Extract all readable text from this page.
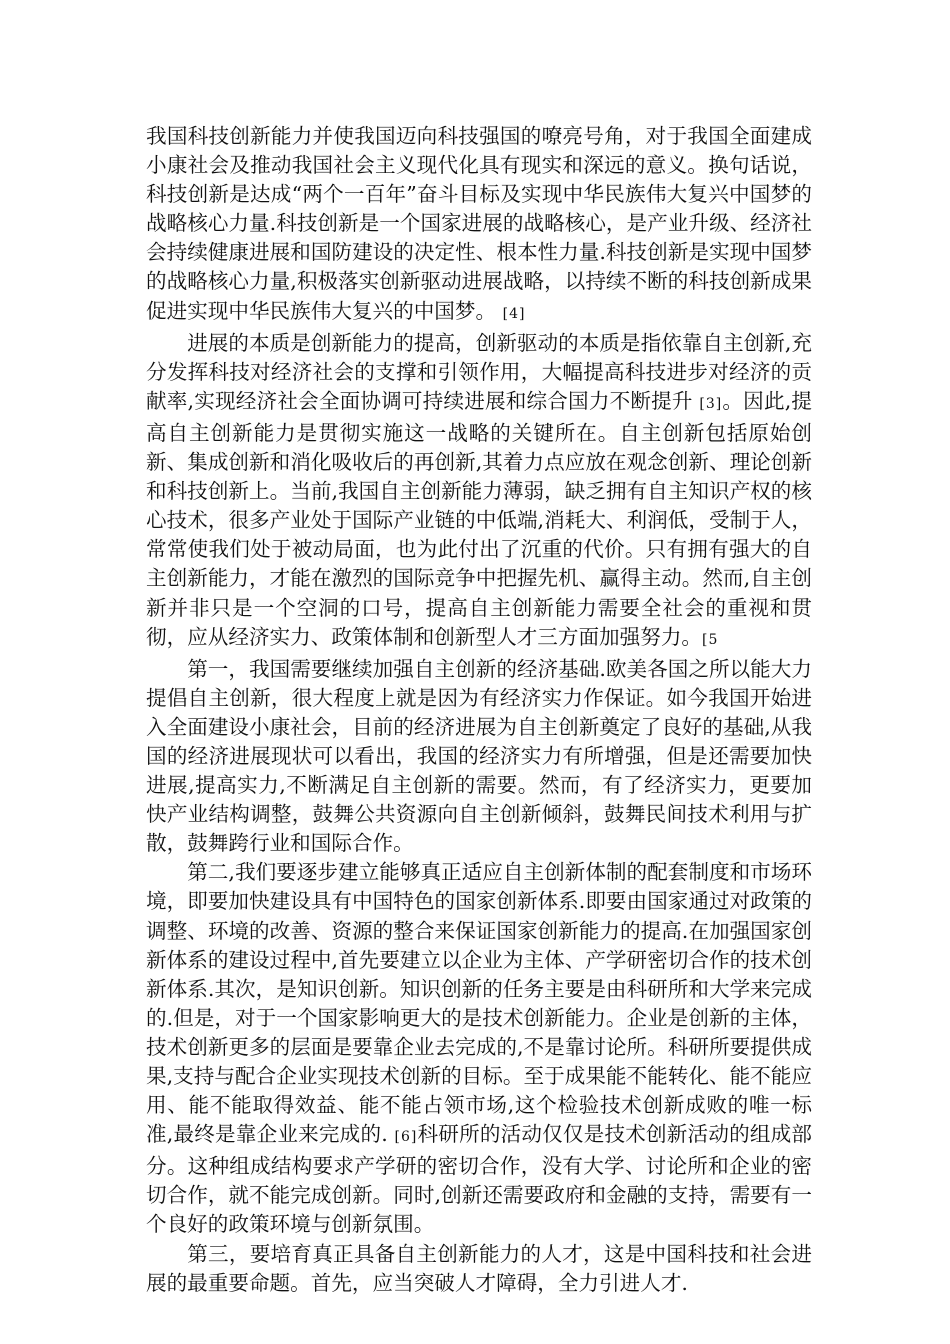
我国科技创新能力并使我国迈向科技强国的嘹亮号角，对于我国全面建成小康社会及推动我国社会主义现代化具有现实和深远的意义。换句话说，科技创新是达成“两个一百年”奋斗目标及实现中华民族伟大复兴中国梦的战略核心力量.科技创新是一个国家进展的战略核心，是产业升级、经济社会持续健康进展和国防建设的决定性、根本性力量.科技创新是实现中国梦的战略核心力量,积极落实创新驱动进展战略，以持续不断的科技创新成果促进实现中华民族伟大复兴的中国梦。 [4]

进展的本质是创新能力的提高，创新驱动的本质是指依靠自主创新,充分发挥科技对经济社会的支撑和引领作用，大幅提高科技进步对经济的贡献率,实现经济社会全面协调可持续进展和综合国力不断提升 [3]。因此,提高自主创新能力是贯彻实施这一战略的关键所在。自主创新包括原始创新、集成创新和消化吸收后的再创新,其着力点应放在观念创新、理论创新和科技创新上。当前,我国自主创新能力薄弱，缺乏拥有自主知识产权的核心技术，很多产业处于国际产业链的中低端,消耗大、利润低，受制于人，常常使我们处于被动局面，也为此付出了沉重的代价。只有拥有强大的自主创新能力，才能在激烈的国际竞争中把握先机、赢得主动。然而,自主创新并非只是一个空洞的口号，提高自主创新能力需要全社会的重视和贯彻，应从经济实力、政策体制和创新型人才三方面加强努力。[5

第一，我国需要继续加强自主创新的经济基础.欧美各国之所以能大力提倡自主创新，很大程度上就是因为有经济实力作保证。如今我国开始进入全面建设小康社会，目前的经济进展为自主创新奠定了良好的基础,从我国的经济进展现状可以看出，我国的经济实力有所增强，但是还需要加快进展,提高实力,不断满足自主创新的需要。然而，有了经济实力，更要加快产业结构调整，鼓舞公共资源向自主创新倾斜，鼓舞民间技术利用与扩散，鼓舞跨行业和国际合作。

第二,我们要逐步建立能够真正适应自主创新体制的配套制度和市场环境，即要加快建设具有中国特色的国家创新体系.即要由国家通过对政策的调整、环境的改善、资源的整合来保证国家创新能力的提高.在加强国家创新体系的建设过程中,首先要建立以企业为主体、产学研密切合作的技术创新体系.其次，是知识创新。知识创新的任务主要是由科研所和大学来完成的.但是，对于一个国家影响更大的是技术创新能力。企业是创新的主体，技术创新更多的层面是要靠企业去完成的,不是靠讨论所。科研所要提供成果,支持与配合企业实现技术创新的目标。至于成果能不能转化、能不能应用、能不能取得效益、能不能占领市场,这个检验技术创新成败的唯一标准,最终是靠企业来完成的. [6]科研所的活动仅仅是技术创新活动的组成部分。这种组成结构要求产学研的密切合作，没有大学、讨论所和企业的密切合作，就不能完成创新。同时,创新还需要政府和金融的支持，需要有一个良好的政策环境与创新氛围。

第三，要培育真正具备自主创新能力的人才，这是中国科技和社会进展的最重要命题。首先，应当突破人才障碍，全力引进人才.
